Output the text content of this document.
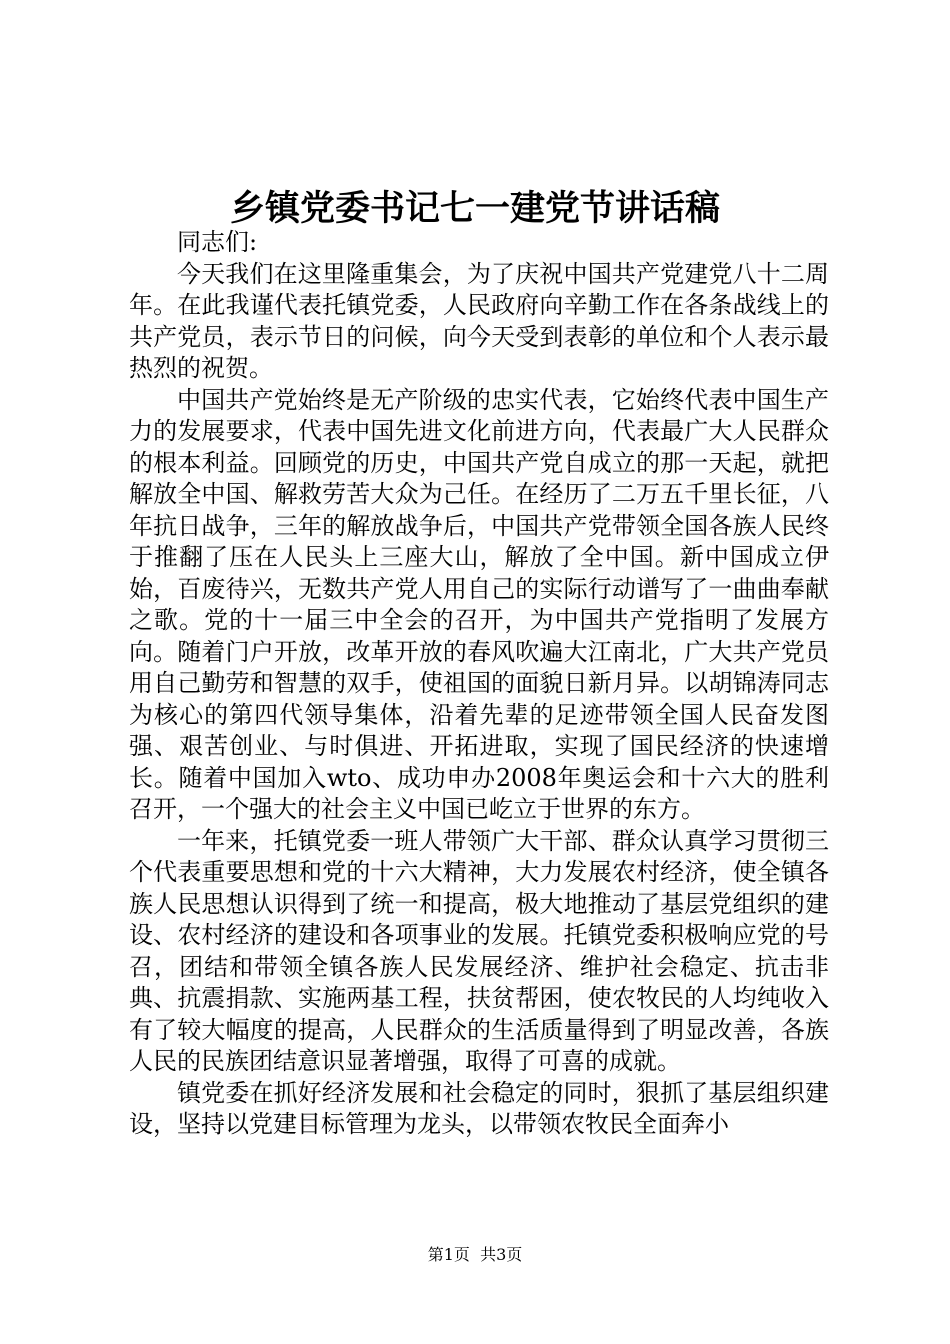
乡镇党委书记七一建党节讲话稿

同志们:

今天我们在这里隆重集会，为了庆祝中国共产党建党八十二周年。在此我谨代表托镇党委，人民政府向辛勤工作在各条战线上的共产党员，表示节日的问候，向今天受到表彰的单位和个人表示最热烈的祝贺。

中国共产党始终是无产阶级的忠实代表，它始终代表中国生产力的发展要求，代表中国先进文化前进方向，代表最广大人民群众的根本利益。回顾党的历史，中国共产党自成立的那一天起，就把解放全中国、解救劳苦大众为己任。在经历了二万五千里长征，八年抗日战争，三年的解放战争后，中国共产党带领全国各族人民终于推翻了压在人民头上三座大山，解放了全中国。新中国成立伊始，百废待兴，无数共产党人用自己的实际行动谱写了一曲曲奉献之歌。党的十一届三中全会的召开，为中国共产党指明了发展方向。随着门户开放，改革开放的春风吹遍大江南北，广大共产党员用自己勤劳和智慧的双手，使祖国的面貌日新月异。以胡锦涛同志为核心的第四代领导集体，沿着先辈的足迹带领全国人民奋发图强、艰苦创业、与时俱进、开拓进取，实现了国民经济的快速增长。随着中国加入wto、成功申办2008年奥运会和十六大的胜利召开，一个强大的社会主义中国已屹立于世界的东方。

一年来，托镇党委一班人带领广大干部、群众认真学习贯彻三个代表重要思想和党的十六大精神，大力发展农村经济，使全镇各族人民思想认识得到了统一和提高，极大地推动了基层党组织的建设、农村经济的建设和各项事业的发展。托镇党委积极响应党的号召，团结和带领全镇各族人民发展经济、维护社会稳定、抗击非典、抗震捐款、实施两基工程，扶贫帮困，使农牧民的人均纯收入有了较大幅度的提高，人民群众的生活质量得到了明显改善，各族人民的民族团结意识显著增强，取得了可喜的成就。

镇党委在抓好经济发展和社会稳定的同时，狠抓了基层组织建设，坚持以党建目标管理为龙头，以带领农牧民全面奔小

第1页 共3页
